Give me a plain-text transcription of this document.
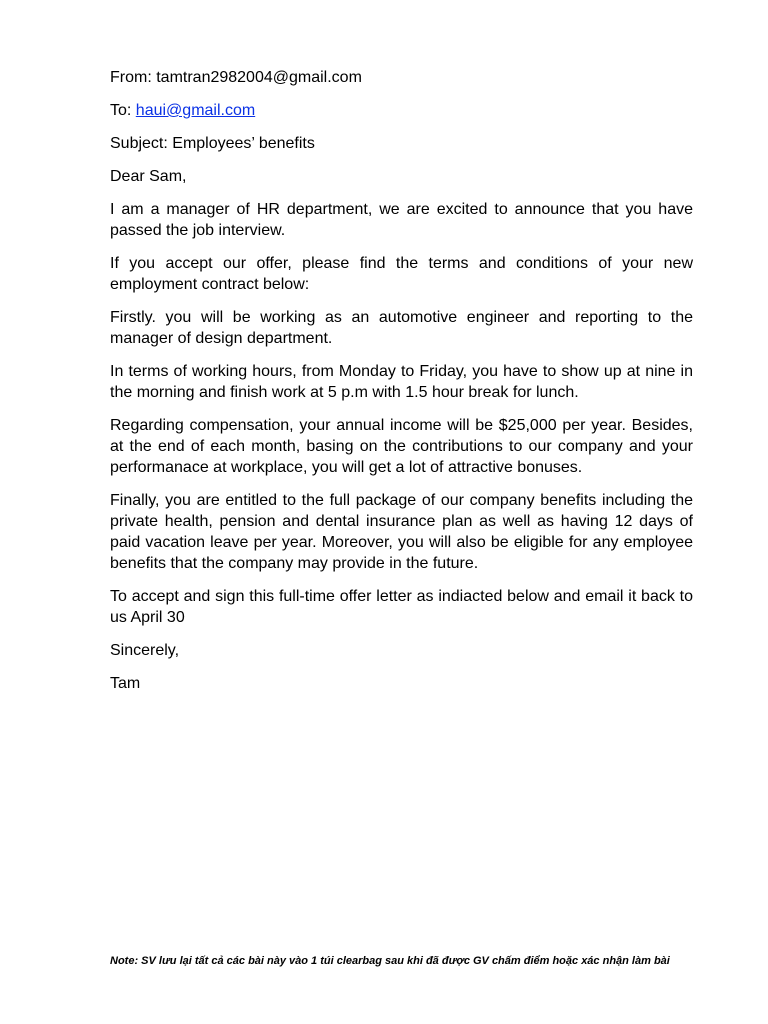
From: tamtran2982004@gmail.com

To: haui@gmail.com

Subject: Employees’ benefits

Dear Sam,

I am a manager of HR department, we are excited to announce that you have passed the job interview.

If you accept our offer, please find the terms and conditions of your new employment contract below:

Firstly. you will be working as an automotive engineer and reporting to the manager of design department.

In terms of working hours, from Monday to Friday, you have to show up at nine in the morning and finish work at 5 p.m with 1.5 hour break for lunch.

Regarding compensation, your annual income will be $25,000 per year. Besides, at the end of each month, basing on the contributions to our company and your performanace at workplace, you will get a lot of attractive bonuses.

Finally, you are entitled to the full package of our company benefits including the private health, pension and dental insurance plan as well as having 12 days of paid vacation leave per year. Moreover, you will also be eligible for any employee benefits that the company may provide in the future.

To accept and sign this full-time offer letter as indiacted below and email it back to us April 30

Sincerely,

Tam

Note: SV lưu lại tất cả các bài này vào 1 túi clearbag sau khi đã được GV chấm điểm hoặc xác nhận làm bài
